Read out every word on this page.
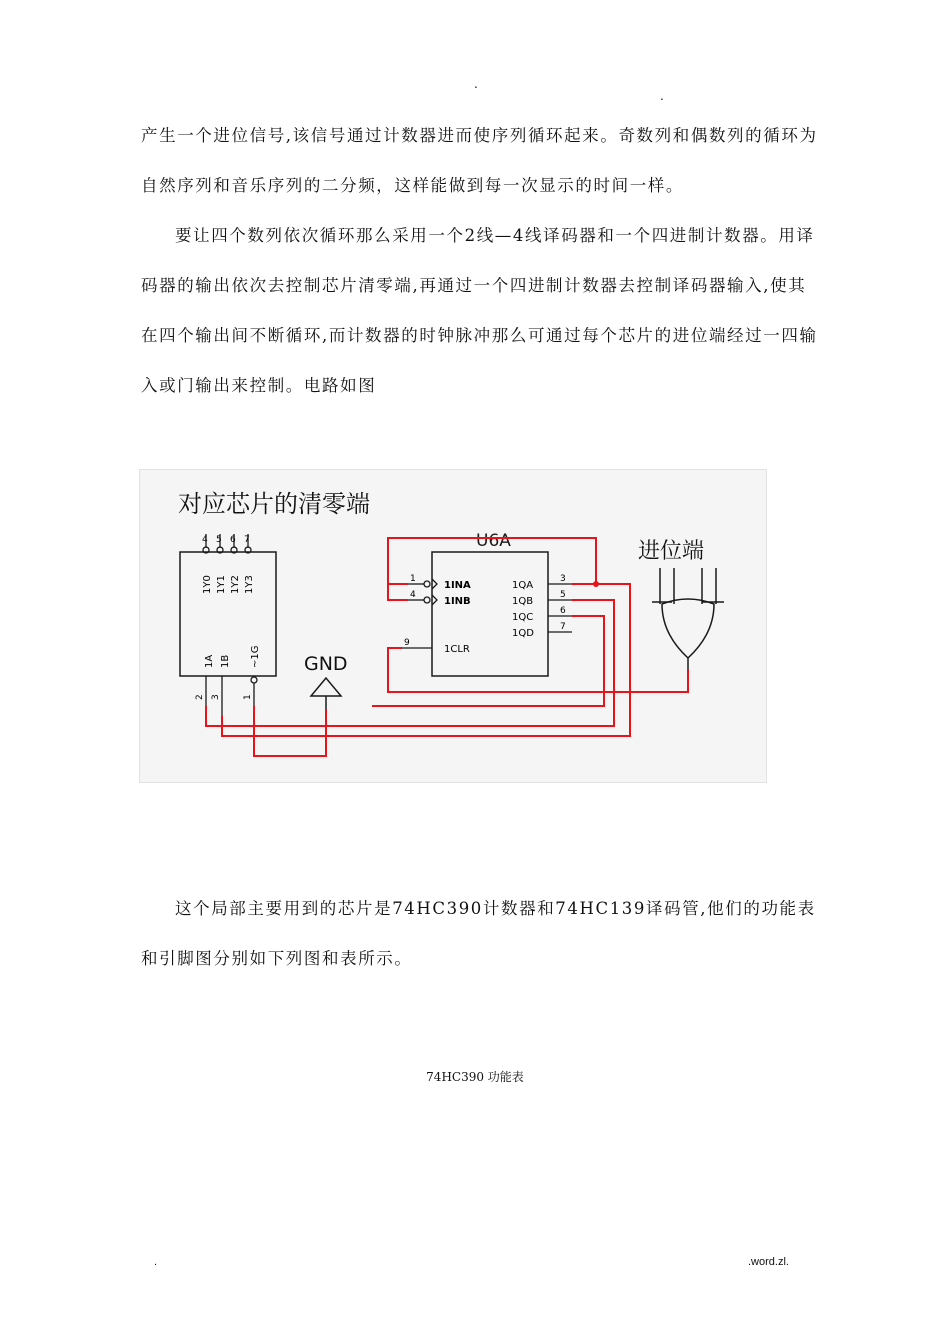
.
.

产生一个进位信号,该信号通过计数器进而使序列循环起来。奇数列和偶数列的循环为自然序列和音乐序列的二分频，这样能做到每一次显示的时间一样。

要让四个数列依次循环那么采用一个2线—4线译码器和一个四进制计数器。用译码器的输出依次去控制芯片清零端,再通过一个四进制计数器去控制译码器输入,使其在四个输出间不断循环,而计数器的时钟脉冲那么可通过每个芯片的进位端经过一四输入或门输出来控制。电路如图

对应芯片的清零端
4 5 6 7
1Y0 1Y1 1Y2 1Y3
1A 1B ~1G
2 3 1
GND
U6A
1
4
9
1INA
1INB
1CLR
1QA
1QB
1QC
1QD
3
5
6
7
进位端

这个局部主要用到的芯片是74HC390计数器和74HC139译码管,他们的功能表和引脚图分别如下列图和表所示。

74HC390 功能表
.	.word.zl.
